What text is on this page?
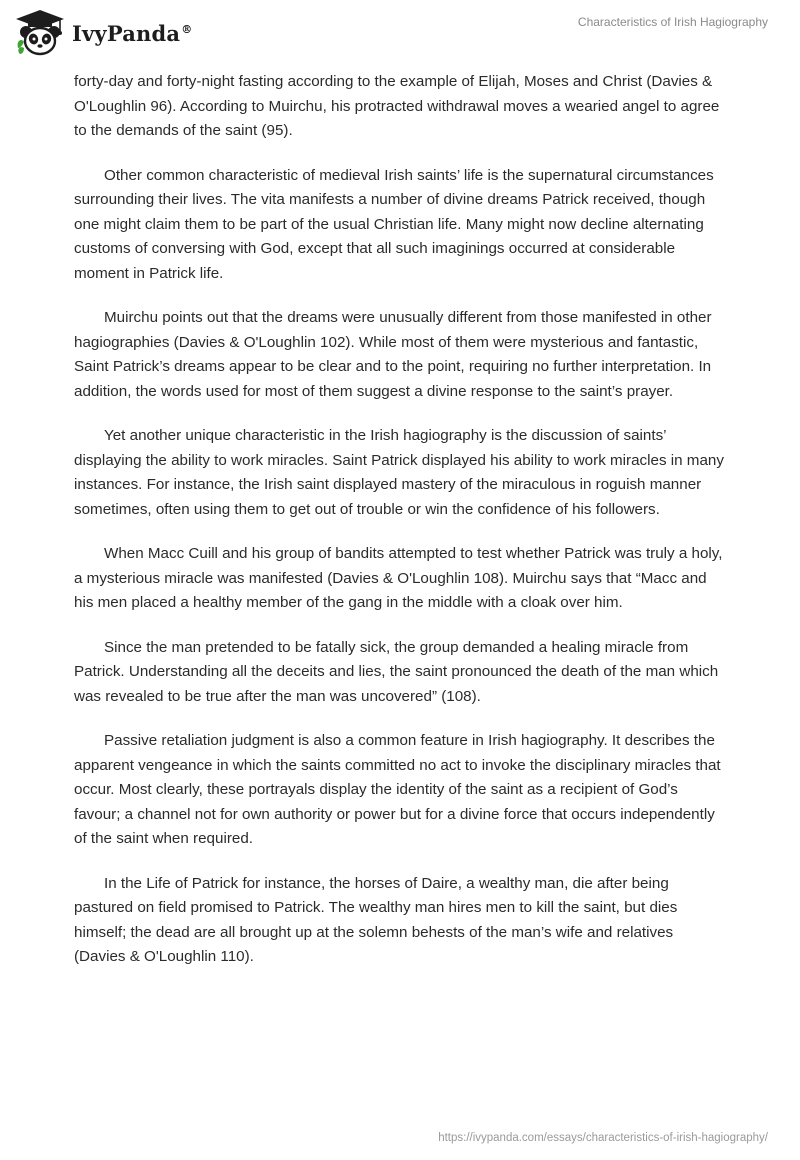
IvyPanda®	Characteristics of Irish Hagiography

forty-day and forty-night fasting according to the example of Elijah, Moses and Christ (Davies & O'Loughlin 96). According to Muirchu, his protracted withdrawal moves a wearied angel to agree to the demands of the saint (95).

Other common characteristic of medieval Irish saints’ life is the supernatural circumstances surrounding their lives. The vita manifests a number of divine dreams Patrick received, though one might claim them to be part of the usual Christian life. Many might now decline alternating customs of conversing with God, except that all such imaginings occurred at considerable moment in Patrick life.

Muirchu points out that the dreams were unusually different from those manifested in other hagiographies (Davies & O'Loughlin 102). While most of them were mysterious and fantastic, Saint Patrick’s dreams appear to be clear and to the point, requiring no further interpretation. In addition, the words used for most of them suggest a divine response to the saint’s prayer.

Yet another unique characteristic in the Irish hagiography is the discussion of saints’ displaying the ability to work miracles. Saint Patrick displayed his ability to work miracles in many instances. For instance, the Irish saint displayed mastery of the miraculous in roguish manner sometimes, often using them to get out of trouble or win the confidence of his followers.

When Macc Cuill and his group of bandits attempted to test whether Patrick was truly a holy, a mysterious miracle was manifested (Davies & O'Loughlin 108). Muirchu says that “Macc and his men placed a healthy member of the gang in the middle with a cloak over him.

Since the man pretended to be fatally sick, the group demanded a healing miracle from Patrick. Understanding all the deceits and lies, the saint pronounced the death of the man which was revealed to be true after the man was uncovered” (108).

Passive retaliation judgment is also a common feature in Irish hagiography. It describes the apparent vengeance in which the saints committed no act to invoke the disciplinary miracles that occur. Most clearly, these portrayals display the identity of the saint as a recipient of God’s favour; a channel not for own authority or power but for a divine force that occurs independently of the saint when required.

In the Life of Patrick for instance, the horses of Daire, a wealthy man, die after being pastured on field promised to Patrick. The wealthy man hires men to kill the saint, but dies himself; the dead are all brought up at the solemn behests of the man’s wife and relatives (Davies & O'Loughlin 110).

https://ivypanda.com/essays/characteristics-of-irish-hagiography/
